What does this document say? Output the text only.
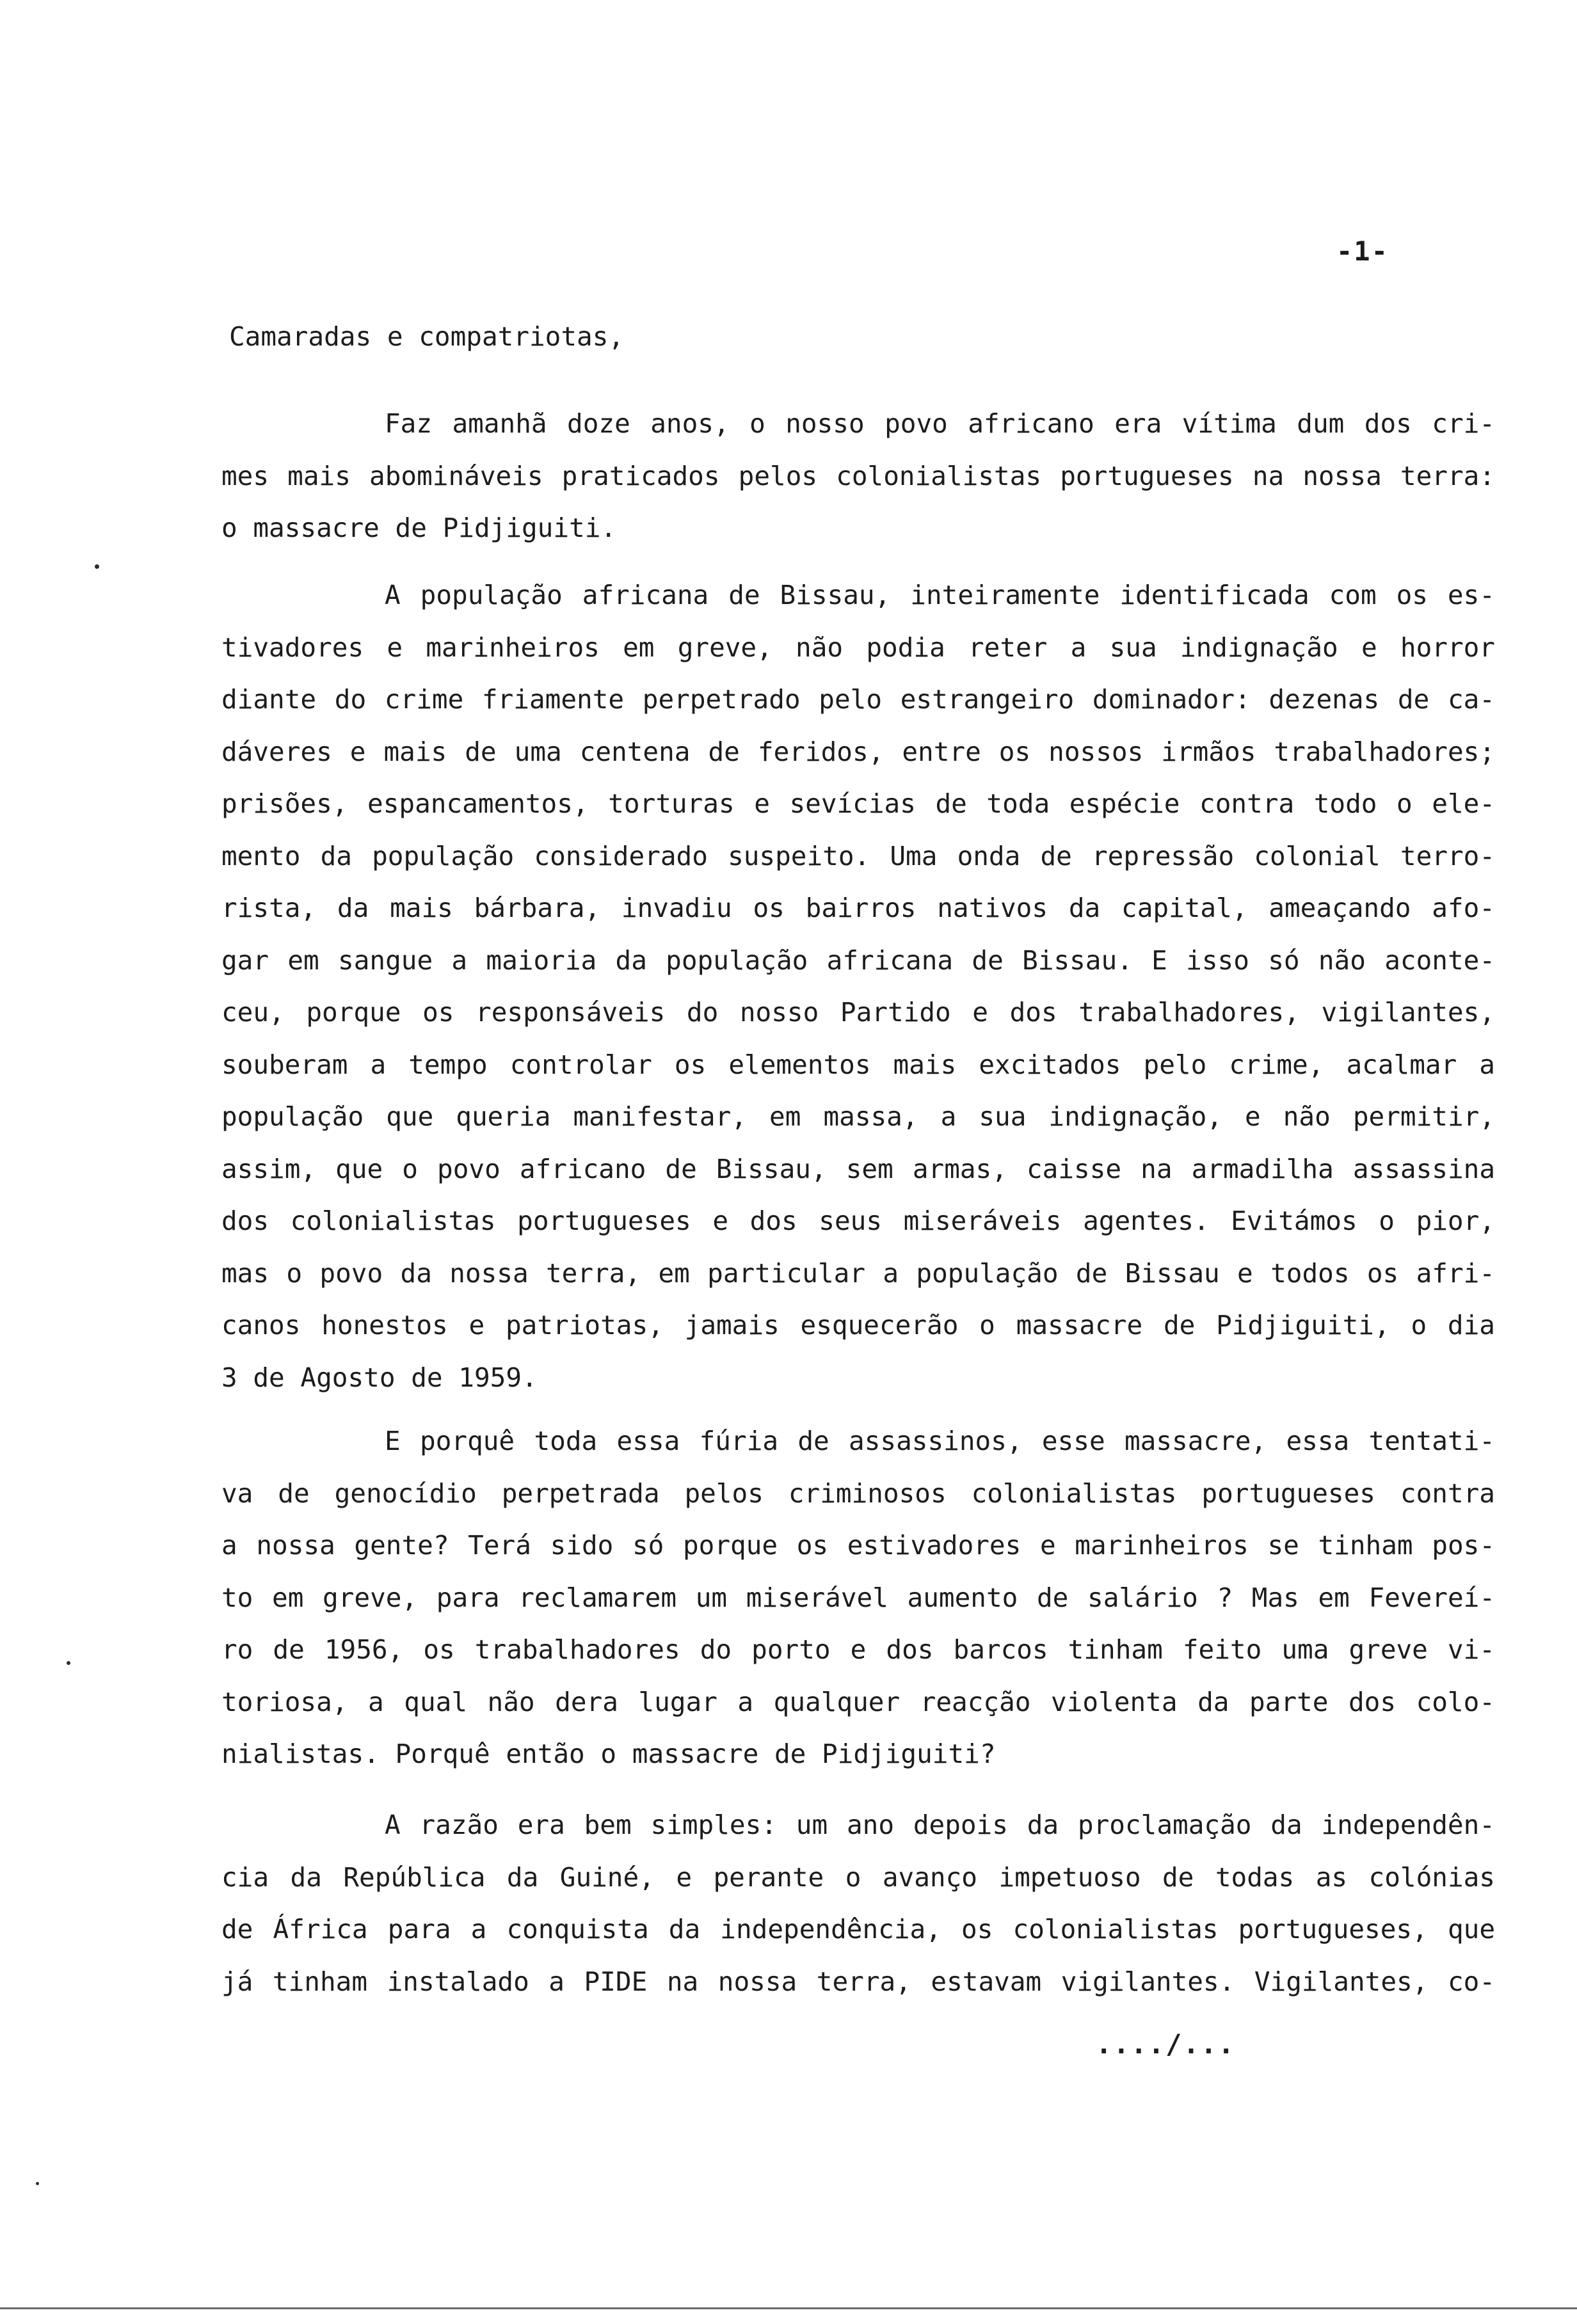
-1-
Camaradas e compatriotas,
Faz amanhã doze anos, o nosso povo africano era vítima dum dos cri-
mes mais abomináveis praticados pelos colonialistas portugueses na nossa terra:
o massacre de Pidjiguiti.
A população africana de Bissau, inteiramente identificada com os es-
tivadores e marinheiros em greve, não podia reter a sua indignação e horror
diante do crime friamente perpetrado pelo estrangeiro dominador: dezenas de ca-
dáveres e mais de uma centena de feridos, entre os nossos irmãos trabalhadores;
prisões, espancamentos, torturas e sevícias de toda espécie contra todo o ele-
mento da população considerado suspeito. Uma onda de repressão colonial terro-
rista, da mais bárbara, invadiu os bairros nativos da capital, ameaçando afo-
gar em sangue a maioria da população africana de Bissau. E isso só não aconte-
ceu, porque os responsáveis do nosso Partido e dos trabalhadores, vigilantes,
souberam a tempo controlar os elementos mais excitados pelo crime, acalmar a
população que queria manifestar, em massa, a sua indignação, e não permitir,
assim, que o povo africano de Bissau, sem armas, caisse na armadilha assassina
dos colonialistas portugueses e dos seus miseráveis agentes. Evitámos o pior,
mas o povo da nossa terra, em particular a população de Bissau e todos os afri-
canos honestos e patriotas, jamais esquecerão o massacre de Pidjiguiti, o dia
3 de Agosto de 1959.
E porquê toda essa fúria de assassinos, esse massacre, essa tentati-
va de genocídio perpetrada pelos criminosos colonialistas portugueses contra
a nossa gente? Terá sido só porque os estivadores e marinheiros se tinham pos-
to em greve, para reclamarem um miserável aumento de salário ? Mas em Fevereí-
ro de 1956, os trabalhadores do porto e dos barcos tinham feito uma greve vi-
toriosa, a qual não dera lugar a qualquer reacção violenta da parte dos colo-
nialistas. Porquê então o massacre de Pidjiguiti?
A razão era bem simples: um ano depois da proclamação da independên-
cia da República da Guiné, e perante o avanço impetuoso de todas as colónias
de África para a conquista da independência, os colonialistas portugueses, que
já tinham instalado a PIDE na nossa terra, estavam vigilantes. Vigilantes, co-
..../...
